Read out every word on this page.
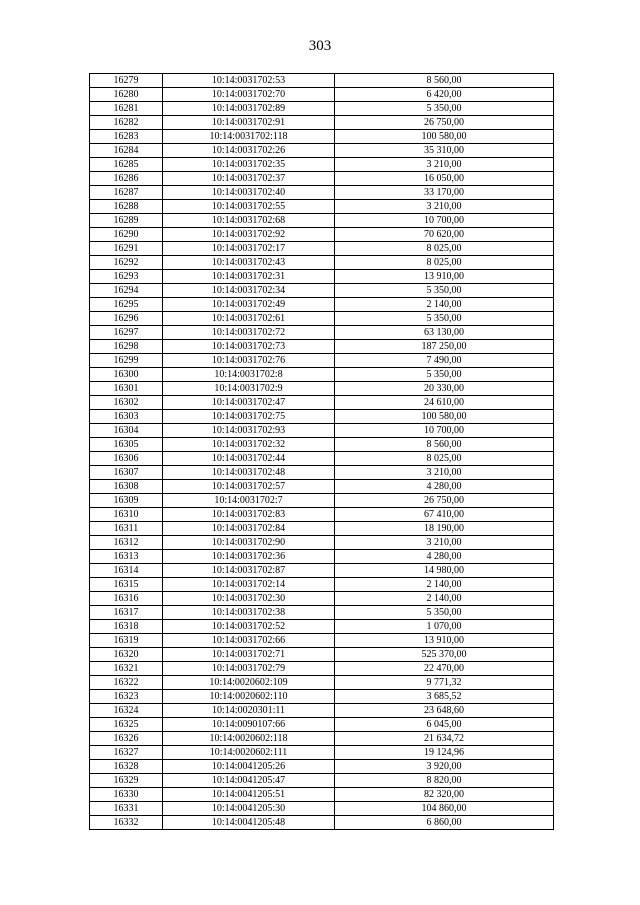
303
16279	10:14:0031702:53	8 560,00
16280	10:14:0031702:70	6 420,00
16281	10:14:0031702:89	5 350,00
16282	10:14:0031702:91	26 750,00
16283	10:14:0031702:118	100 580,00
16284	10:14:0031702:26	35 310,00
16285	10:14:0031702:35	3 210,00
16286	10:14:0031702:37	16 050,00
16287	10:14:0031702:40	33 170,00
16288	10:14:0031702:55	3 210,00
16289	10:14:0031702:68	10 700,00
16290	10:14:0031702:92	70 620,00
16291	10:14:0031702:17	8 025,00
16292	10:14:0031702:43	8 025,00
16293	10:14:0031702:31	13 910,00
16294	10:14:0031702:34	5 350,00
16295	10:14:0031702:49	2 140,00
16296	10:14:0031702:61	5 350,00
16297	10:14:0031702:72	63 130,00
16298	10:14:0031702:73	187 250,00
16299	10:14:0031702:76	7 490,00
16300	10:14:0031702:8	5 350,00
16301	10:14:0031702:9	20 330,00
16302	10:14:0031702:47	24 610,00
16303	10:14:0031702:75	100 580,00
16304	10:14:0031702:93	10 700,00
16305	10:14:0031702:32	8 560,00
16306	10:14:0031702:44	8 025,00
16307	10:14:0031702:48	3 210,00
16308	10:14:0031702:57	4 280,00
16309	10:14:0031702:7	26 750,00
16310	10:14:0031702:83	67 410,00
16311	10:14:0031702:84	18 190,00
16312	10:14:0031702:90	3 210,00
16313	10:14:0031702:36	4 280,00
16314	10:14:0031702:87	14 980,00
16315	10:14:0031702:14	2 140,00
16316	10:14:0031702:30	2 140,00
16317	10:14:0031702:38	5 350,00
16318	10:14:0031702:52	1 070,00
16319	10:14:0031702:66	13 910,00
16320	10:14:0031702:71	525 370,00
16321	10:14:0031702:79	22 470,00
16322	10:14:0020602:109	9 771,32
16323	10:14:0020602:110	3 685,52
16324	10:14:0020301:11	23 648,60
16325	10:14:0090107:66	6 045,00
16326	10:14:0020602:118	21 634,72
16327	10:14:0020602:111	19 124,96
16328	10:14:0041205:26	3 920,00
16329	10:14:0041205:47	8 820,00
16330	10:14:0041205:51	82 320,00
16331	10:14:0041205:30	104 860,00
16332	10:14:0041205:48	6 860,00
